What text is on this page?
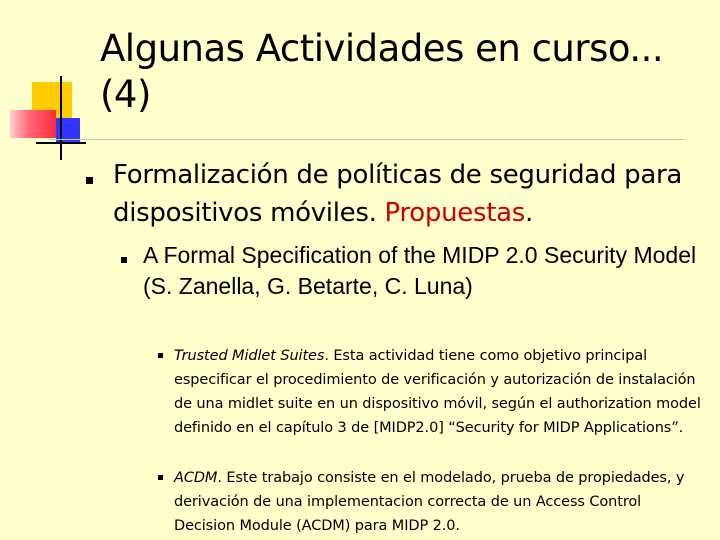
Algunas Actividades en curso... (4)
Formalización de políticas de seguridad para dispositivos móviles. Propuestas.
A Formal Specification of the MIDP 2.0 Security Model (S. Zanella, G. Betarte, C. Luna)
Trusted Midlet Suites. Esta actividad tiene como objetivo principal especificar el procedimiento de verificación y autorización de instalación de una midlet suite en un dispositivo móvil, según el authorization model definido en el capítulo 3 de [MIDP2.0] “Security for MIDP Applications”.
ACDM. Este trabajo consiste en el modelado, prueba de propiedades, y derivación de una implementacion correcta de un Access Control Decision Module (ACDM) para MIDP 2.0.
